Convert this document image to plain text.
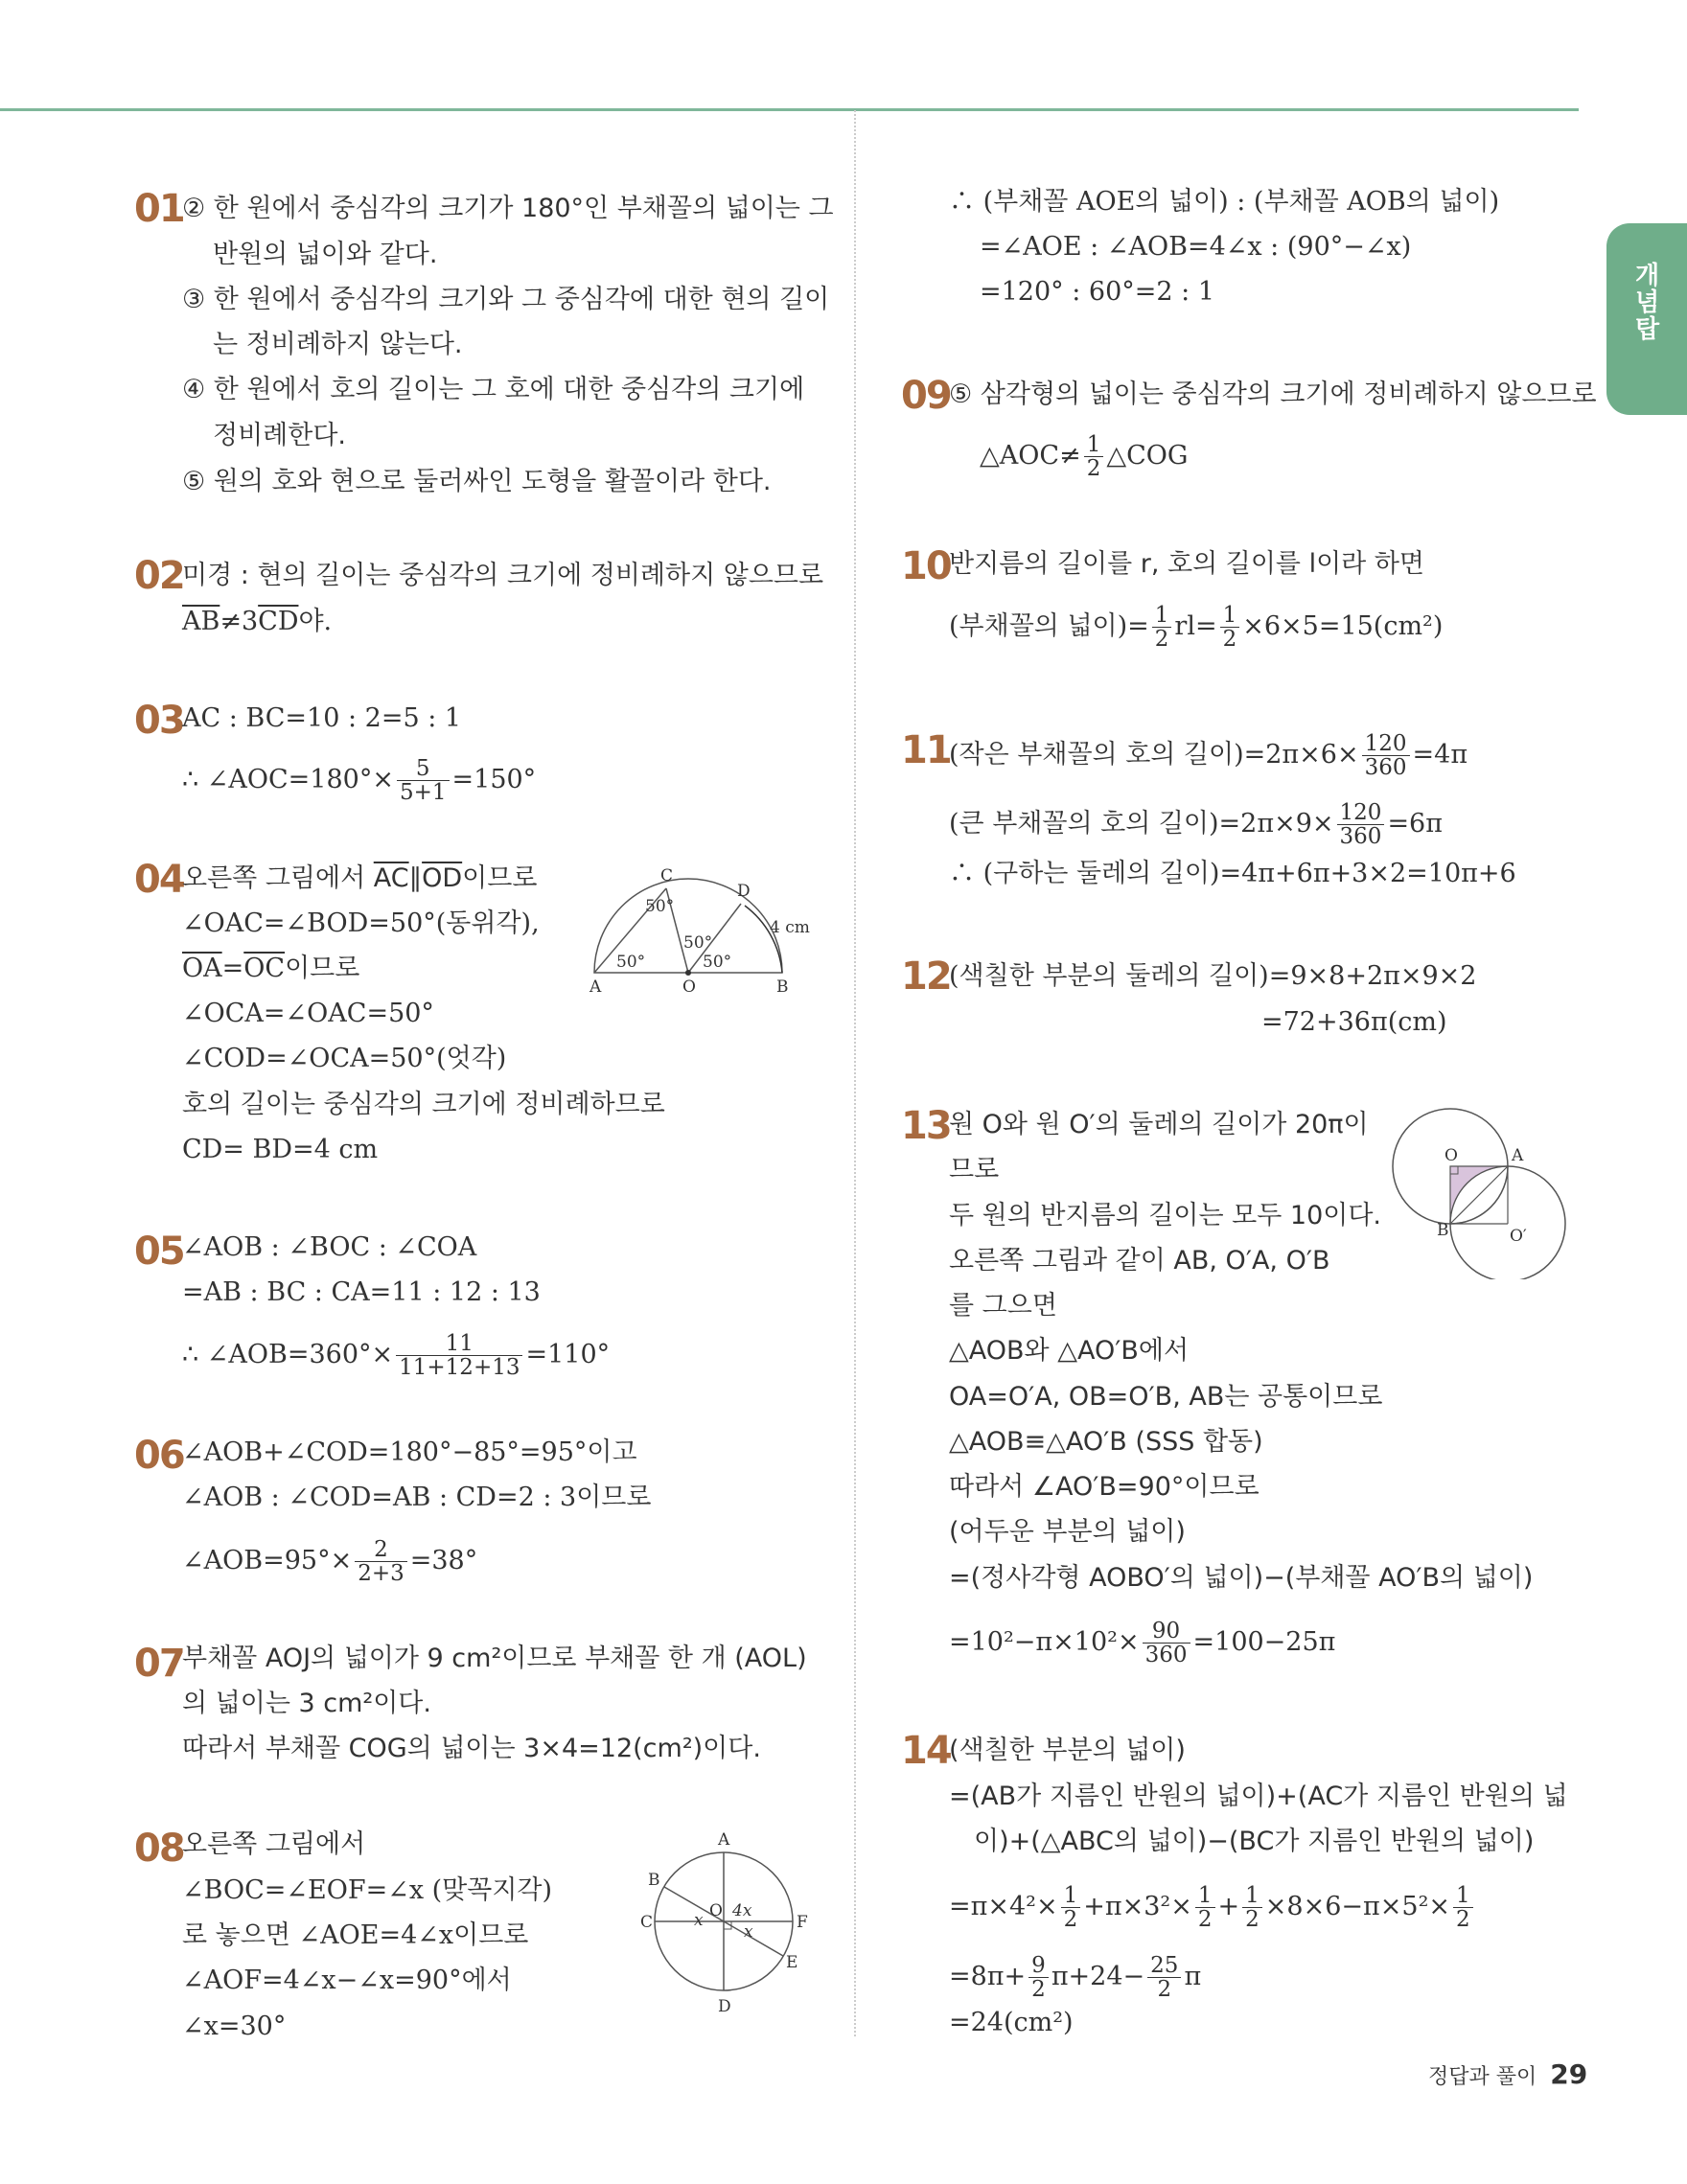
개념탑
01
② 한 원에서 중심각의 크기가 180°인 부채꼴의 넓이는 그
반원의 넓이와 같다.
③ 한 원에서 중심각의 크기와 그 중심각에 대한 현의 길이
는 정비례하지 않는다.
④ 한 원에서 호의 길이는 그 호에 대한 중심각의 크기에
정비례한다.
⑤ 원의 호와 현으로 둘러싸인 도형을 활꼴이라 한다.
02
미경 : 현의 길이는 중심각의 크기에 정비례하지 않으므로
$\overline{AB}\ne 3\overline{CD}$야.
03
AC : BC=10 : 2=5 : 1
∴ ∠AOC=180°× $\frac{5}{5+1} =150^\circ$
04
오른쪽 그림에서 $\overline{AC}\parallel\overline{OD}$이므로
∠OAC=∠BOD=50°(동위각),
$\overline{OA}=\overline{OC}$이므로
∠OCA=∠OAC=50°
∠COD=∠OCA=50°(엇각)
호의 길이는 중심각의 크기에 정비례하므로
CD= BD=4 cm
A	O	B
C
D
50°
50°
50°
50°
4 cm
05
∠AOB : ∠BOC : ∠COA
=AB : BC : CA=11 : 12 : 13
∴ ∠AOB=360°× $\frac{11}{11+12+13} =110^\circ$
06
∠AOB+∠COD=180°−85°=95°이고
∠AOB : ∠COD=AB : CD=2 : 3이므로
∠AOB=95°× $\frac{2}{2+3} =38^\circ$
07
부채꼴 AOJ의 넓이가 9 cm²이므로 부채꼴 한 개 (AOL)
의 넓이는 3 cm²이다.
따라서 부채꼴 COG의 넓이는 3×4=12(cm²)이다.
08
오른쪽 그림에서
∠BOC=∠EOF=∠x (맞꼭지각)
로 놓으면 ∠AOE=4∠x이므로
∠AOF=4∠x−∠x=90°에서
∠x=30°
A
B
C
D
E
F
O
x
x
4x
∴ (부채꼴 AOE의 넓이) : (부채꼴 AOB의 넓이)
=∠AOE : ∠AOB=4∠x : (90°−∠x)
=120° : 60°=2 : 1
09
⑤ 삼각형의 넓이는 중심각의 크기에 정비례하지 않으므로
△AOC≠ $\frac{1}{2}$ △COG
10
반지름의 길이를 r, 호의 길이를 l이라 하면
(부채꼴의 넓이)= $\frac{1}{2} rl= \frac{1}{2} \times 6\times 5=15(cm^2)$
11
(작은 부채꼴의 호의 길이)$=2\pi\times 6\times \frac{120}{360} =4\pi$
(큰 부채꼴의 호의 길이)$=2\pi\times 9\times \frac{120}{360} =6\pi$
∴ (구하는 둘레의 길이)=4π+6π+3×2=10π+6
12
(색칠한 부분의 둘레의 길이)=9×8+2π×9×2
=72+36π(cm)
13
원 O와 원 O′의 둘레의 길이가 20π이
므로
두 원의 반지름의 길이는 모두 10이다.
오른쪽 그림과 같이 AB, O′A, O′B
를 그으면
△AOB와 △AO′B에서
OA=O′A, OB=O′B, AB는 공통이므로
△AOB≡△AO′B (SSS 합동)
따라서 ∠AO′B=90°이므로
(어두운 부분의 넓이)
=(정사각형 AOBO′의 넓이)−(부채꼴 AO′B의 넓이)
$=10^2-\pi\times 10^2\times \frac{90}{360} =100-25\pi$
O	A
B	O′
14
(색칠한 부분의 넓이)
=(AB가 지름인 반원의 넓이)+(AC가 지름인 반원의 넓
이)+(△ABC의 넓이)−(BC가 지름인 반원의 넓이)
$=\pi\times 4^2\times \frac{1}{2} +\pi\times 3^2\times \frac{1}{2} + \frac{1}{2} \times 8\times 6-\pi\times 5^2\times \frac{1}{2}$
$=8\pi+ \frac{9}{2} \pi+24- \frac{25}{2}$ π
=24(cm²)
정답과 풀이 29
